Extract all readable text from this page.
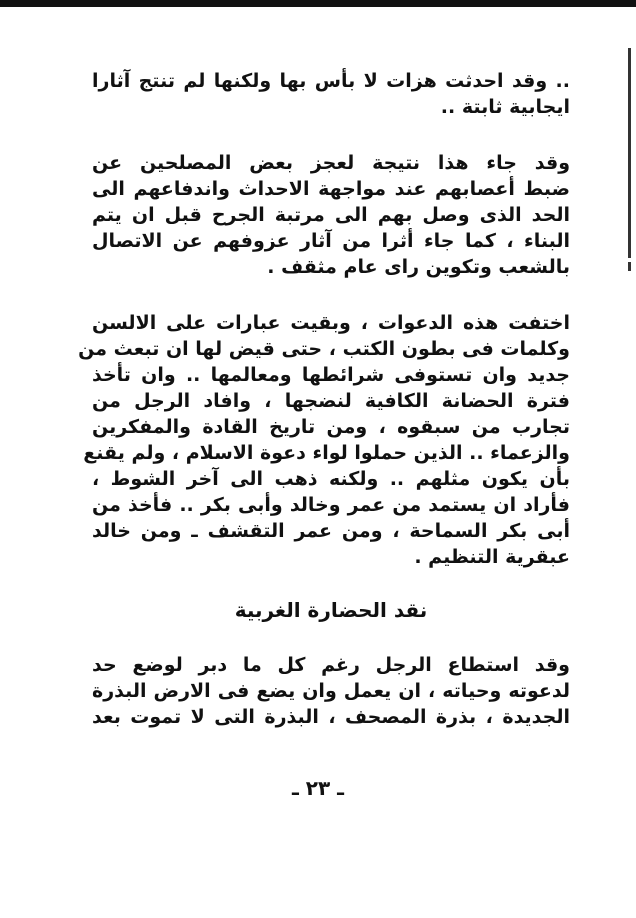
.. وقد احدثت هزات لا بأس بها ولكنها لم تنتج آثارا
ايجابية ثابتة ..
وقد جاء هذا نتيجة لعجز بعض المصلحين عن
ضبط أعصابهم عند مواجهة الاحداث واندفاعهم الى
الحد الذى وصل بهم الى مرتبة الجرح قبل ان يتم
البناء ، كما جاء أثرا من آثار عزوفهم عن الاتصال
بالشعب وتكوين راى عام مثقف .
اختفت هذه الدعوات ، وبقيت عبارات على الالسن
وكلمات فى بطون الكتب ، حتى قيض لها ان تبعث من
جديد وان تستوفى شرائطها ومعالمها .. وان تأخذ
فترة الحضانة الكافية لنضجها ، وافاد الرجل من
تجارب من سبقوه ، ومن تاريخ القادة والمفكرين
والزعماء .. الذين حملوا لواء دعوة الاسلام ، ولم يقنع
بأن يكون مثلهم .. ولكنه ذهب الى آخر الشوط ،
فأراد ان يستمد من عمر وخالد وأبى بكر .. فأخذ من
أبى بكر السماحة ، ومن عمر التقشف ـ ومن خالد
عبقرية التنظيم .
نقد الحضارة الغربية
وقد استطاع الرجل رغم كل ما دبر لوضع حد
لدعوته وحياته ، ان يعمل وان يضع فى الارض البذرة
الجديدة ، بذرة المصحف ، البذرة التى لا تموت بعد
ـ ٢٣ ـ
